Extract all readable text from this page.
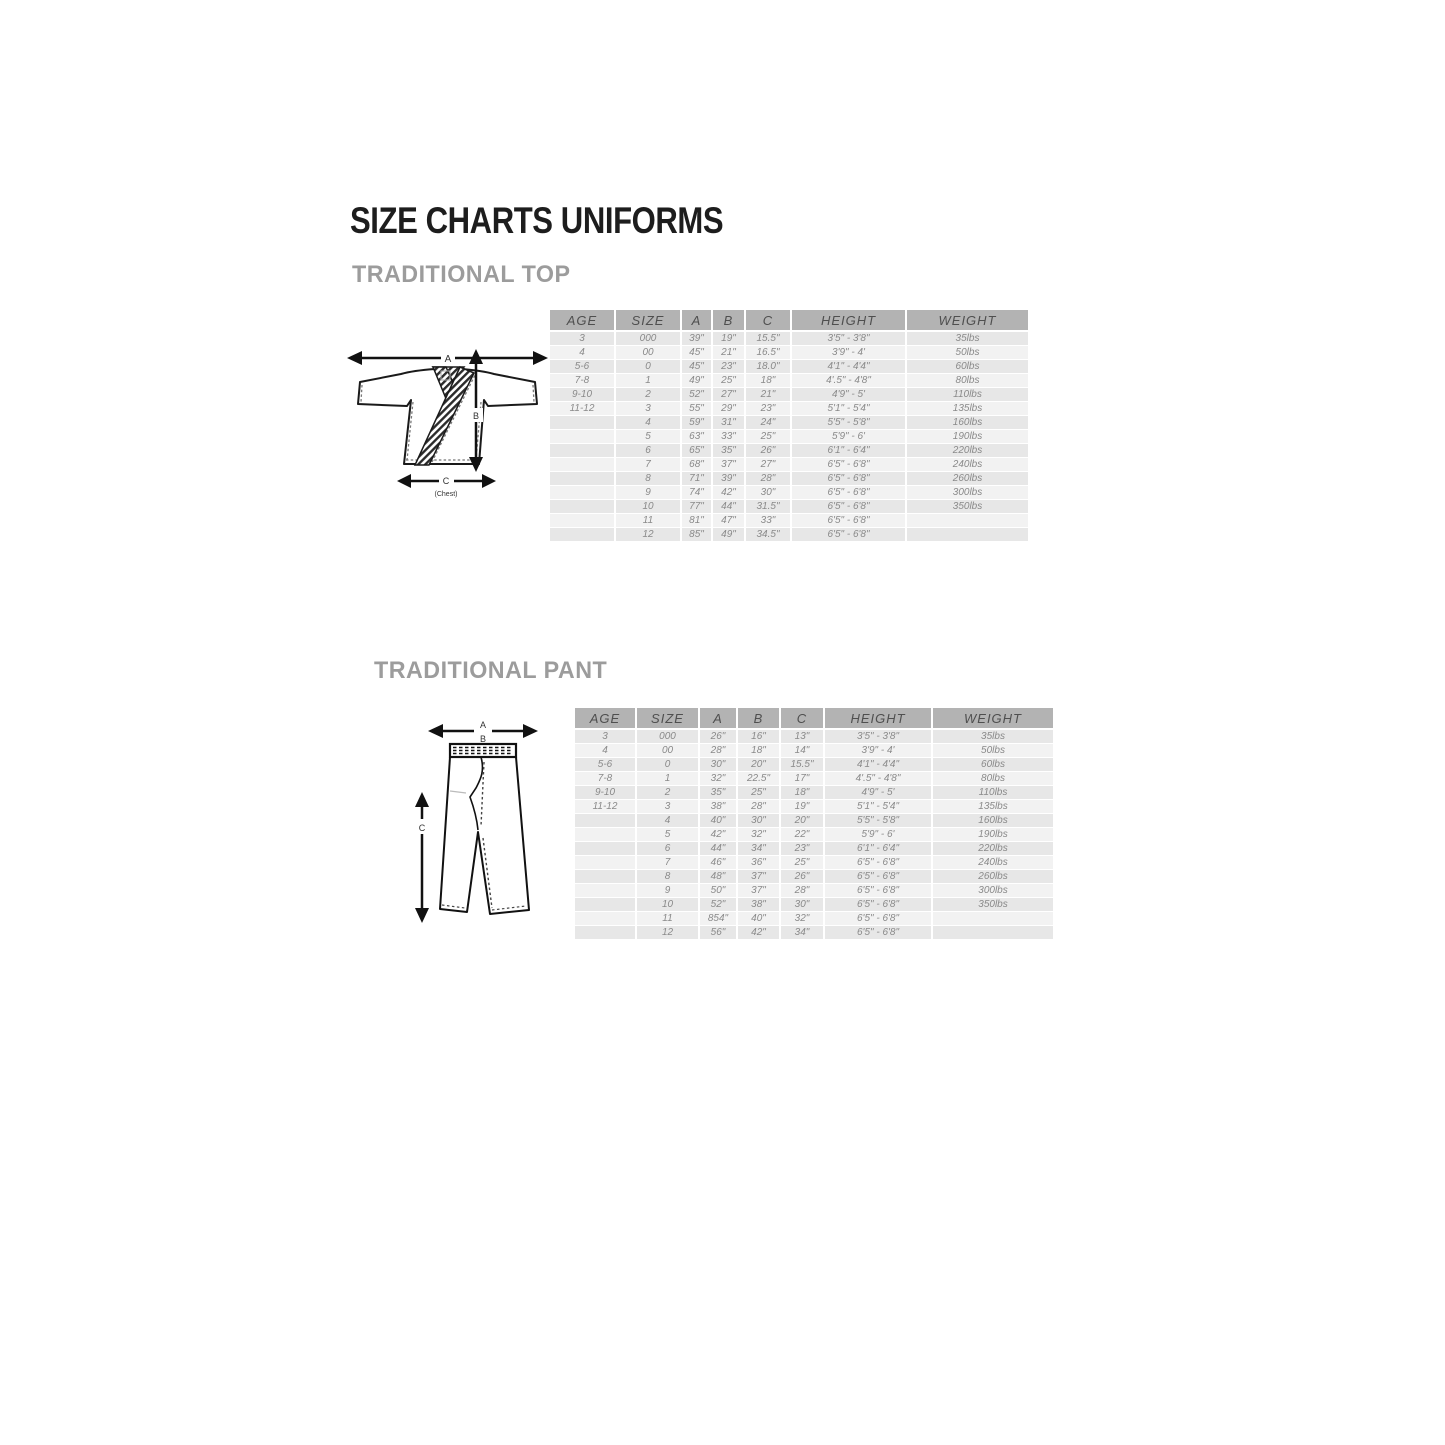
SIZE CHARTS UNIFORMS
TRADITIONAL TOP
A
B
C
(Chest)
AGE	SIZE	A	B	C	HEIGHT	WEIGHT
3	000	39"	19"	15.5"	3'5" - 3'8"	35lbs
4	00	45"	21"	16.5"	3'9" - 4'	50lbs
5-6	0	45"	23"	18.0"	4'1" - 4'4"	60lbs
7-8	1	49"	25"	18"	4'.5" - 4'8"	80lbs
9-10	2	52"	27"	21"	4'9" - 5'	110lbs
11-12	3	55"	29"	23"	5'1" - 5'4"	135lbs
	4	59"	31"	24"	5'5" - 5'8"	160lbs
	5	63"	33"	25"	5'9" - 6'	190lbs
	6	65"	35"	26"	6'1" - 6'4"	220lbs
	7	68"	37"	27"	6'5" - 6'8"	240lbs
	8	71"	39"	28"	6'5" - 6'8"	260lbs
	9	74"	42"	30"	6'5" - 6'8"	300lbs
	10	77"	44"	31.5"	6'5" - 6'8"	350lbs
	11	81"	47"	33"	6'5" - 6'8"	
	12	85"	49"	34.5"	6'5" - 6'8"	
TRADITIONAL PANT
A
B
C
AGE	SIZE	A	B	C	HEIGHT	WEIGHT
3	000	26"	16"	13"	3'5" - 3'8"	35lbs
4	00	28"	18"	14"	3'9" - 4'	50lbs
5-6	0	30"	20"	15.5"	4'1" - 4'4"	60lbs
7-8	1	32"	22.5"	17"	4'.5" - 4'8"	80lbs
9-10	2	35"	25"	18"	4'9" - 5'	110lbs
11-12	3	38"	28"	19"	5'1" - 5'4"	135lbs
	4	40"	30"	20"	5'5" - 5'8"	160lbs
	5	42"	32"	22"	5'9" - 6'	190lbs
	6	44"	34"	23"	6'1" - 6'4"	220lbs
	7	46"	36"	25"	6'5" - 6'8"	240lbs
	8	48"	37"	26"	6'5" - 6'8"	260lbs
	9	50"	37"	28"	6'5" - 6'8"	300lbs
	10	52"	38"	30"	6'5" - 6'8"	350lbs
	11	854"	40"	32"	6'5" - 6'8"	
	12	56"	42"	34"	6'5" - 6'8"	
